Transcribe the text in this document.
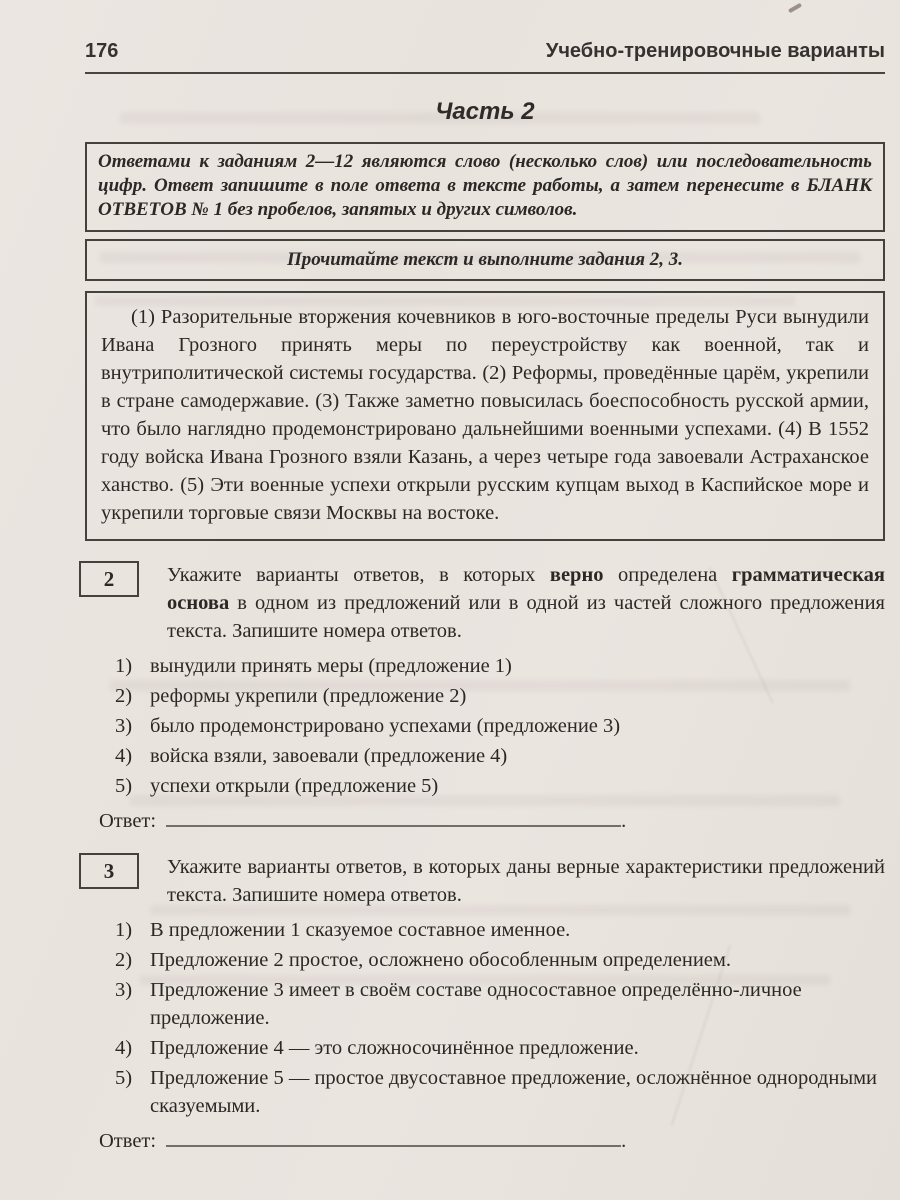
176	Учебно-тренировочные варианты
Часть 2

Ответами к заданиям 2—12 являются слово (несколько слов) или последовательность цифр. Ответ запишите в поле ответа в тексте работы, а затем перенесите в БЛАНК ОТВЕТОВ № 1 без пробелов, запятых и других символов.

Прочитайте текст и выполните задания 2, 3.

(1) Разорительные вторжения кочевников в юго-восточные пределы Руси вынудили Ивана Грозного принять меры по переустройству как военной, так и внутриполитической системы государства. (2) Реформы, проведённые царём, укрепили в стране самодержавие. (3) Также заметно повысилась боеспособность русской армии, что было наглядно продемонстрировано дальнейшими военными успехами. (4) В 1552 году войска Ивана Грозного взяли Казань, а через четыре года завоевали Астраханское ханство. (5) Эти военные успехи открыли русским купцам выход в Каспийское море и укрепили торговые связи Москвы на востоке.

2	Укажите варианты ответов, в которых верно определена грамматическая основа в одном из предложений или в одной из частей сложного предложения текста. Запишите номера ответов.

1) вынудили принять меры (предложение 1)
2) реформы укрепили (предложение 2)
3) было продемонстрировано успехами (предложение 3)
4) войска взяли, завоевали (предложение 4)
5) успехи открыли (предложение 5)
Ответ:	.
3	Укажите варианты ответов, в которых даны верные характеристики предложений текста. Запишите номера ответов.

1) В предложении 1 сказуемое составное именное.
2) Предложение 2 простое, осложнено обособленным определением.
3) Предложение 3 имеет в своём составе односоставное определённо-личное предложение.
4) Предложение 4 — это сложносочинённое предложение.
5) Предложение 5 — простое двусоставное предложение, осложнённое однородными сказуемыми.
Ответ:	.
